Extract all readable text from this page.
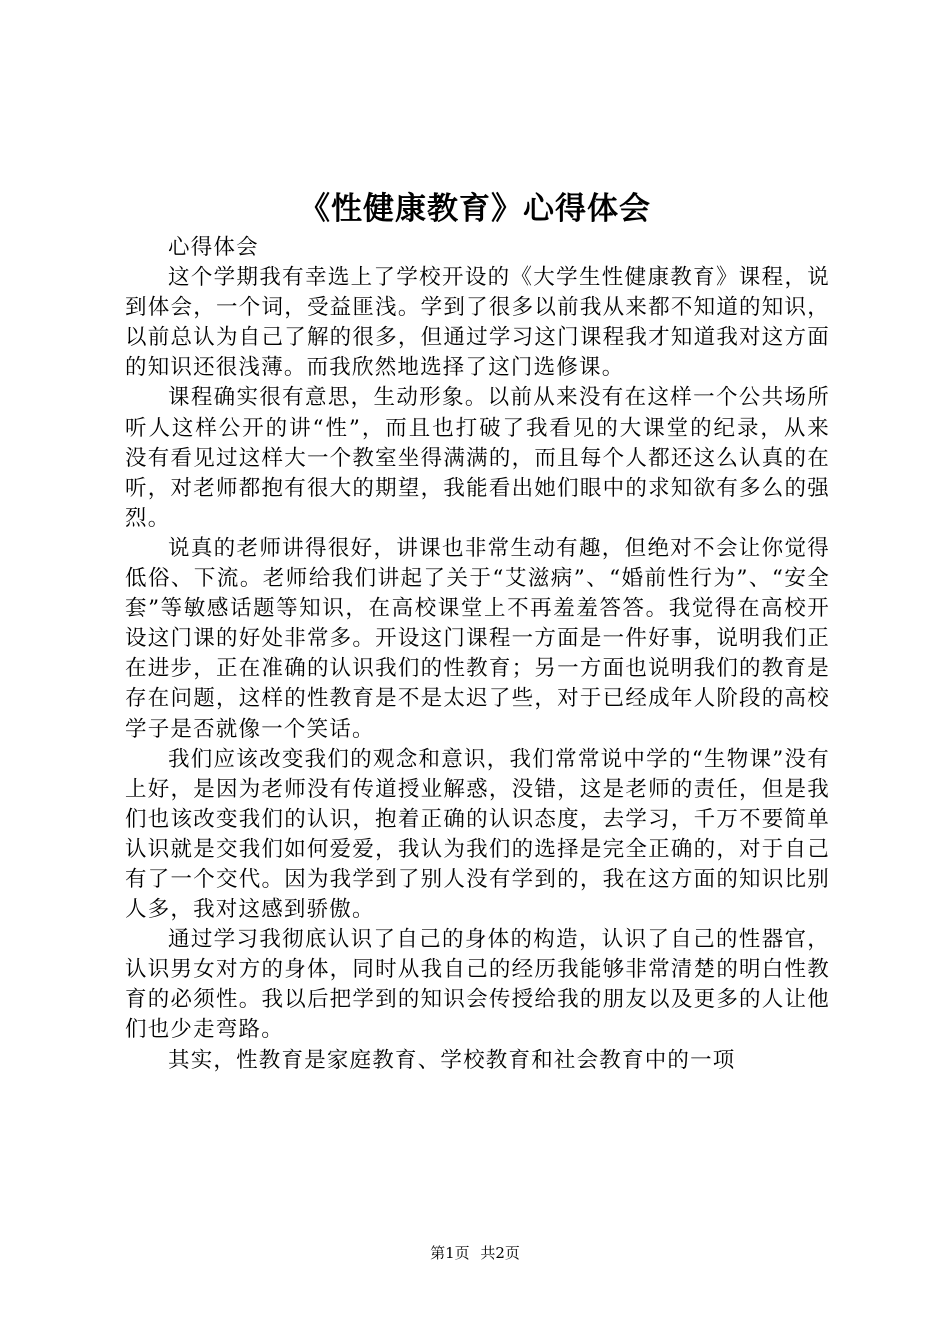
《性健康教育》心得体会

心得体会

这个学期我有幸选上了学校开设的《大学生性健康教育》课程，说到体会，一个词，受益匪浅。学到了很多以前我从来都不知道的知识，以前总认为自己了解的很多，但通过学习这门课程我才知道我对这方面的知识还很浅薄。而我欣然地选择了这门选修课。

课程确实很有意思，生动形象。以前从来没有在这样一个公共场所听人这样公开的讲“性”，而且也打破了我看见的大课堂的纪录，从来没有看见过这样大一个教室坐得满满的，而且每个人都还这么认真的在听，对老师都抱有很大的期望，我能看出她们眼中的求知欲有多么的强烈。

说真的老师讲得很好，讲课也非常生动有趣，但绝对不会让你觉得低俗、下流。老师给我们讲起了关于“艾滋病”、“婚前性行为”、“安全套”等敏感话题等知识，在高校课堂上不再羞羞答答。我觉得在高校开设这门课的好处非常多。开设这门课程一方面是一件好事，说明我们正在进步，正在准确的认识我们的性教育；另一方面也说明我们的教育是存在问题，这样的性教育是不是太迟了些，对于已经成年人阶段的高校学子是否就像一个笑话。

我们应该改变我们的观念和意识，我们常常说中学的“生物课”没有上好，是因为老师没有传道授业解惑，没错，这是老师的责任，但是我们也该改变我们的认识，抱着正确的认识态度，去学习，千万不要简单认识就是交我们如何爱爱，我认为我们的选择是完全正确的，对于自己有了一个交代。因为我学到了别人没有学到的，我在这方面的知识比别人多，我对这感到骄傲。

通过学习我彻底认识了自己的身体的构造，认识了自己的性器官，认识男女对方的身体，同时从我自己的经历我能够非常清楚的明白性教育的必须性。我以后把学到的知识会传授给我的朋友以及更多的人让他们也少走弯路。

其实，性教育是家庭教育、学校教育和社会教育中的一项

第1页 共2页
